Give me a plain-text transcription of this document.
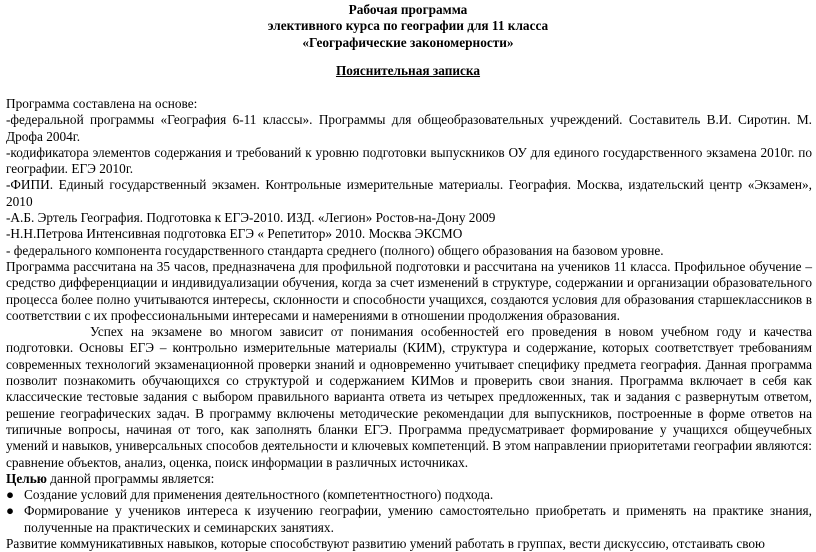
Рабочая программа
элективного курса по географии для 11 класса
«Географические закономерности»
Пояснительная записка
Программа составлена на основе:
-федеральной программы «География 6-11 классы». Программы для общеобразовательных учреждений. Составитель В.И. Сиротин. М. Дрофа 2004г.
-кодификатора элементов содержания и требований к уровню подготовки выпускников ОУ для единого государственного экзамена 2010г. по географии. ЕГЭ 2010г.
-ФИПИ. Единый государственный экзамен. Контрольные измерительные материалы. География. Москва, издательский центр «Экзамен», 2010
-А.Б. Эртель География. Подготовка к ЕГЭ-2010. ИЗД. «Легион» Ростов-на-Дону 2009
-Н.Н.Петрова Интенсивная подготовка ЕГЭ « Репетитор» 2010. Москва ЭКСМО
- федерального компонента государственного стандарта среднего (полного) общего образования на базовом уровне.
Программа рассчитана на 35 часов, предназначена для профильной подготовки и рассчитана на учеников 11 класса. Профильное обучение – средство дифференциации и индивидуализации обучения, когда за счет изменений в структуре, содержании и организации образовательного процесса более полно учитываются интересы, склонности и способности учащихся, создаются условия для образования старшеклассников в соответствии с их профессиональными интересами и намерениями в отношении продолжения образования.
Успех на экзамене во многом зависит от понимания особенностей его проведения в новом учебном году и качества подготовки. Основы ЕГЭ – контрольно измерительные материалы (КИМ), структура и содержание, которых соответствует требованиям современных технологий экзаменационной проверки знаний и одновременно учитывает специфику предмета география. Данная программа позволит познакомить обучающихся со структурой и содержанием КИМов и проверить свои знания. Программа включает в себя как классические тестовые задания с выбором правильного варианта ответа из четырех предложенных, так и задания с развернутым ответом, решение географических задач. В программу включены методические рекомендации для выпускников, построенные в форме ответов на типичные вопросы, начиная от того, как заполнять бланки ЕГЭ. Программа предусматривает формирование у учащихся общеучебных умений и навыков, универсальных способов деятельности и ключевых компетенций. В этом направлении приоритетами географии являются: сравнение объектов, анализ, оценка, поиск информации в различных источниках.
Целью данной программы является:
● Создание условий для применения деятельностного (компетентностного) подхода.
● Формирование у учеников интереса к изучению географии, умению самостоятельно приобретать и применять на практике знания, полученные на практических и семинарских занятиях.
Развитие коммуникативных навыков, которые способствуют развитию умений работать в группах, вести дискуссию, отстаивать свою
